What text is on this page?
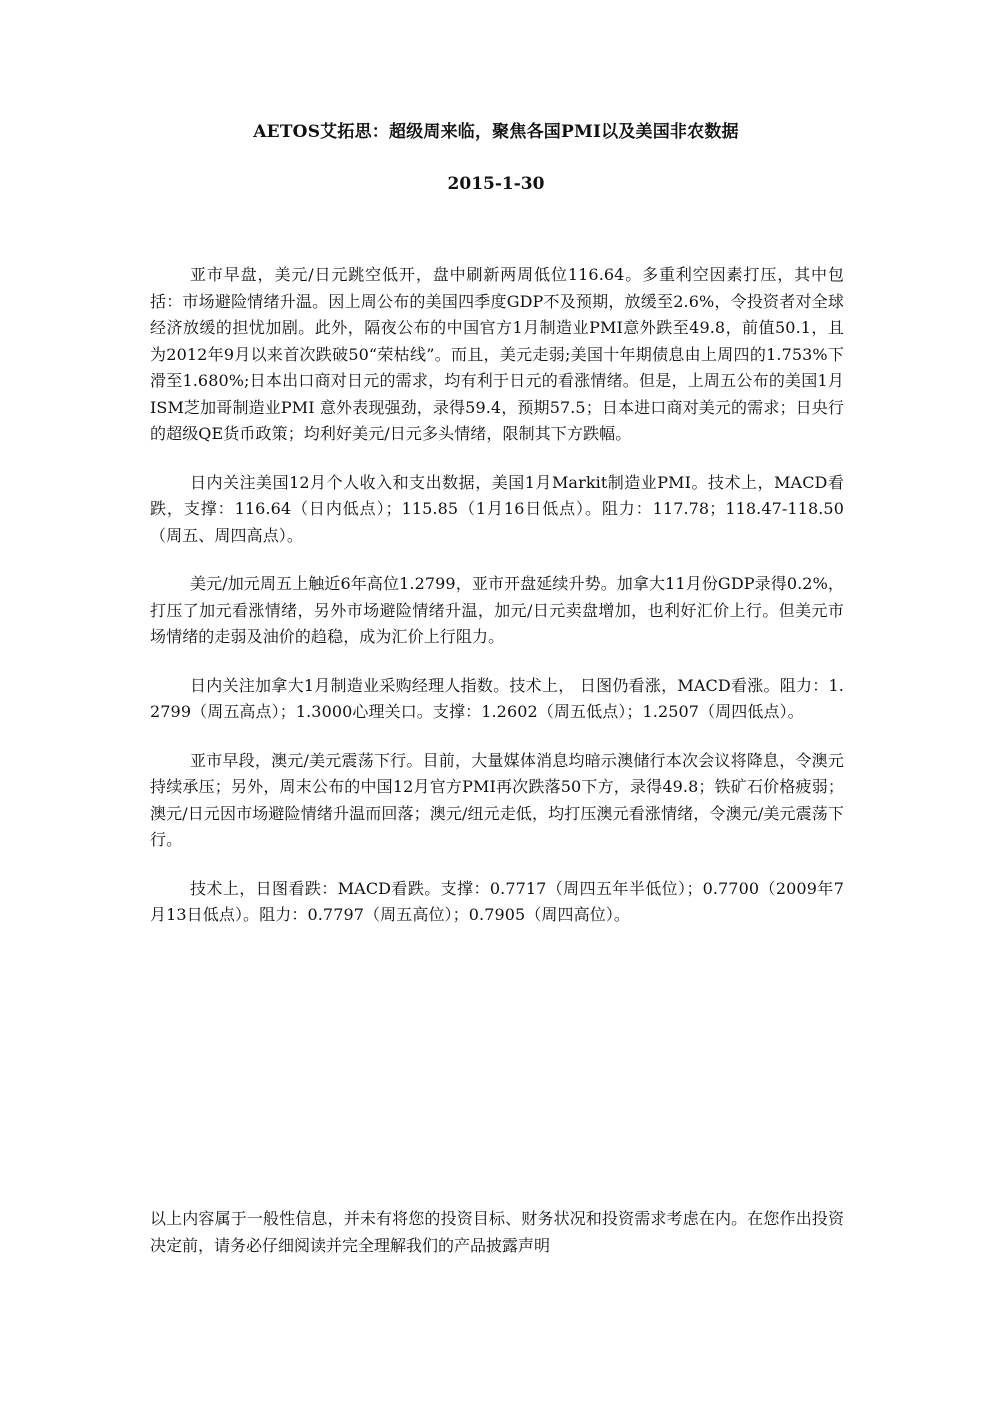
AETOS艾拓思：超级周来临，聚焦各国PMI以及美国非农数据
2015-1-30

亚市早盘，美元/日元跳空低开，盘中刷新两周低位116.64。多重利空因素打压，其中包括：市场避险情绪升温。因上周公布的美国四季度GDP不及预期，放缓至2.6%，令投资者对全球经济放缓的担忧加剧。此外，隔夜公布的中国官方1月制造业PMI意外跌至49.8，前值50.1，且为2012年9月以来首次跌破50“荣枯线”。而且，美元走弱;美国十年期债息由上周四的1.753%下滑至1.680%;日本出口商对日元的需求，均有利于日元的看涨情绪。但是，上周五公布的美国1月ISM芝加哥制造业PMI 意外表现强劲，录得59.4，预期57.5；日本进口商对美元的需求；日央行的超级QE货币政策；均利好美元/日元多头情绪，限制其下方跌幅。

日内关注美国12月个人收入和支出数据，美国1月Markit制造业PMI。技术上，MACD看跌，支撑：116.64（日内低点）；115.85（1月16日低点）。阻力：117.78；118.47-118.50（周五、周四高点）。

美元/加元周五上触近6年高位1.2799，亚市开盘延续升势。加拿大11月份GDP录得0.2%，打压了加元看涨情绪，另外市场避险情绪升温，加元/日元卖盘增加，也利好汇价上行。但美元市场情绪的走弱及油价的趋稳，成为汇价上行阻力。

日内关注加拿大1月制造业采购经理人指数。技术上， 日图仍看涨，MACD看涨。阻力：1.2799（周五高点）；1.3000心理关口。支撑：1.2602（周五低点）；1.2507（周四低点）。

亚市早段，澳元/美元震荡下行。目前，大量媒体消息均暗示澳储行本次会议将降息，令澳元持续承压；另外，周末公布的中国12月官方PMI再次跌落50下方，录得49.8；铁矿石价格疲弱；澳元/日元因市场避险情绪升温而回落；澳元/纽元走低，均打压澳元看涨情绪，令澳元/美元震荡下行。

技术上，日图看跌：MACD看跌。支撑：0.7717（周四五年半低位）；0.7700（2009年7月13日低点）。阻力：0.7797（周五高位）；0.7905（周四高位）。

以上内容属于一般性信息，并未有将您的投资目标、财务状况和投资需求考虑在内。在您作出投资决定前，请务必仔细阅读并完全理解我们的产品披露声明
